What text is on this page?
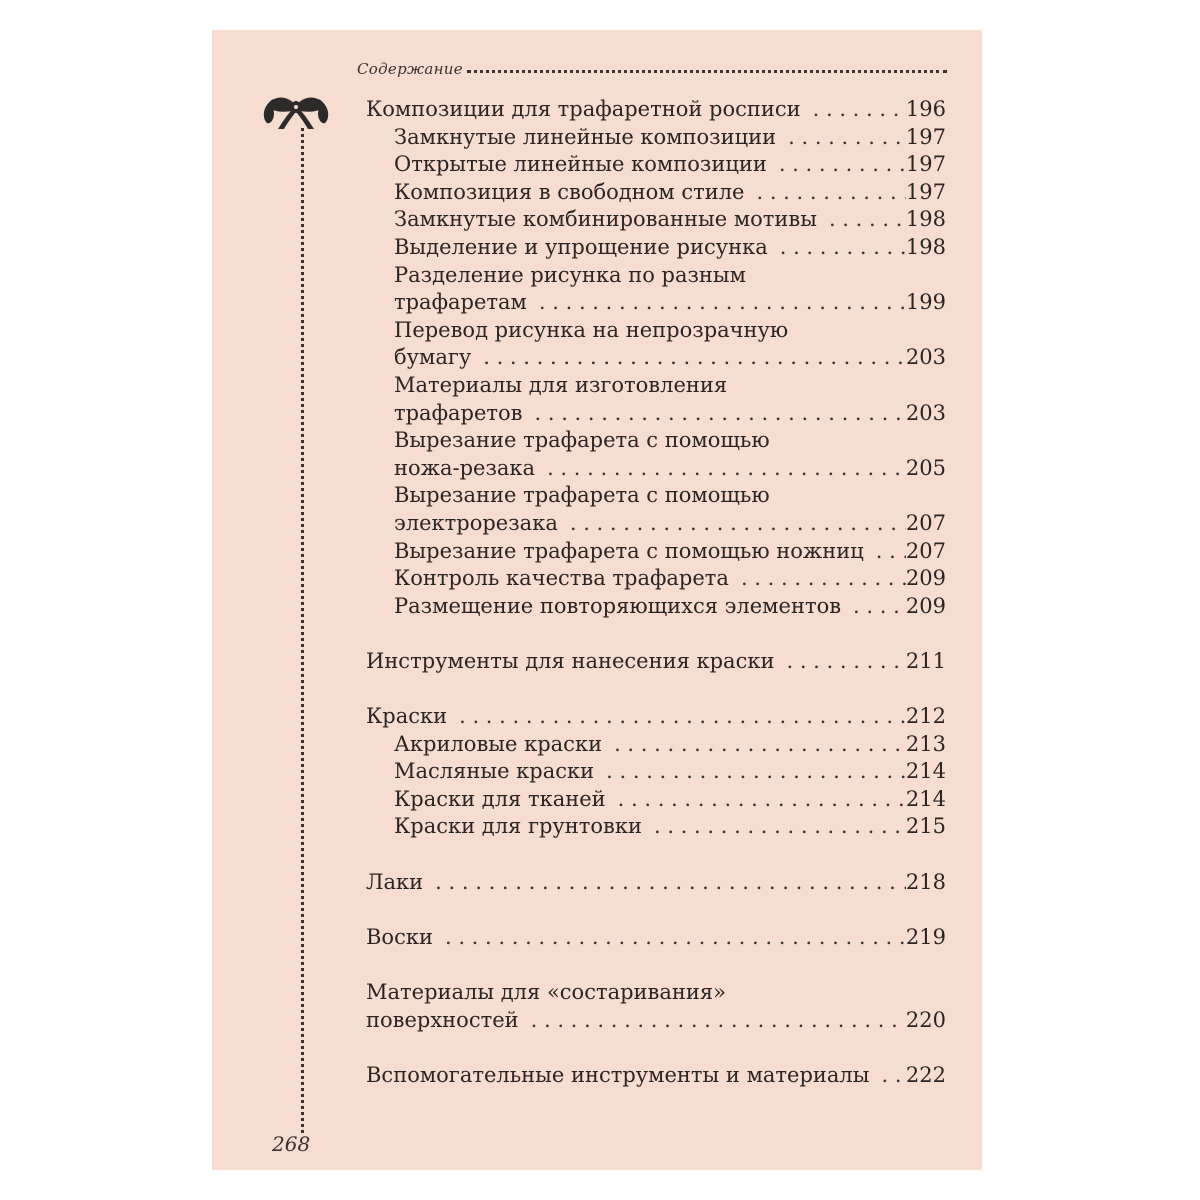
Содержание
Композиции для трафаретной росписи . . .	196
Замкнутые линейные композиции . . .	197
Открытые линейные композиции . . .	197
Композиция в свободном стиле . . .	197
Замкнутые комбинированные мотивы . . .	198
Выделение и упрощение рисунка . . .	198
Разделение рисунка по разным
трафаретам . . .	199
Перевод рисунка на непрозрачную
бумагу . . .	203
Материалы для изготовления
трафаретов . . .	203
Вырезание трафарета с помощью
ножа-резака . . .	205
Вырезание трафарета с помощью
электрорезака . . .	207
Вырезание трафарета с помощью ножниц . . . 207
Контроль качества трафарета . . .	209
Размещение повторяющихся элементов . . .	209
Инструменты для нанесения краски . . .	211
Краски . . .	212
Акриловые краски . . .	213
Масляные краски . . .	214
Краски для тканей . . .	214
Краски для грунтовки . . .	215
Лаки . . .	218
Воски . . .	219
Материалы для «состаривания»
поверхностей . . .	220
Вспомогательные инструменты и материалы . . . 222
268
